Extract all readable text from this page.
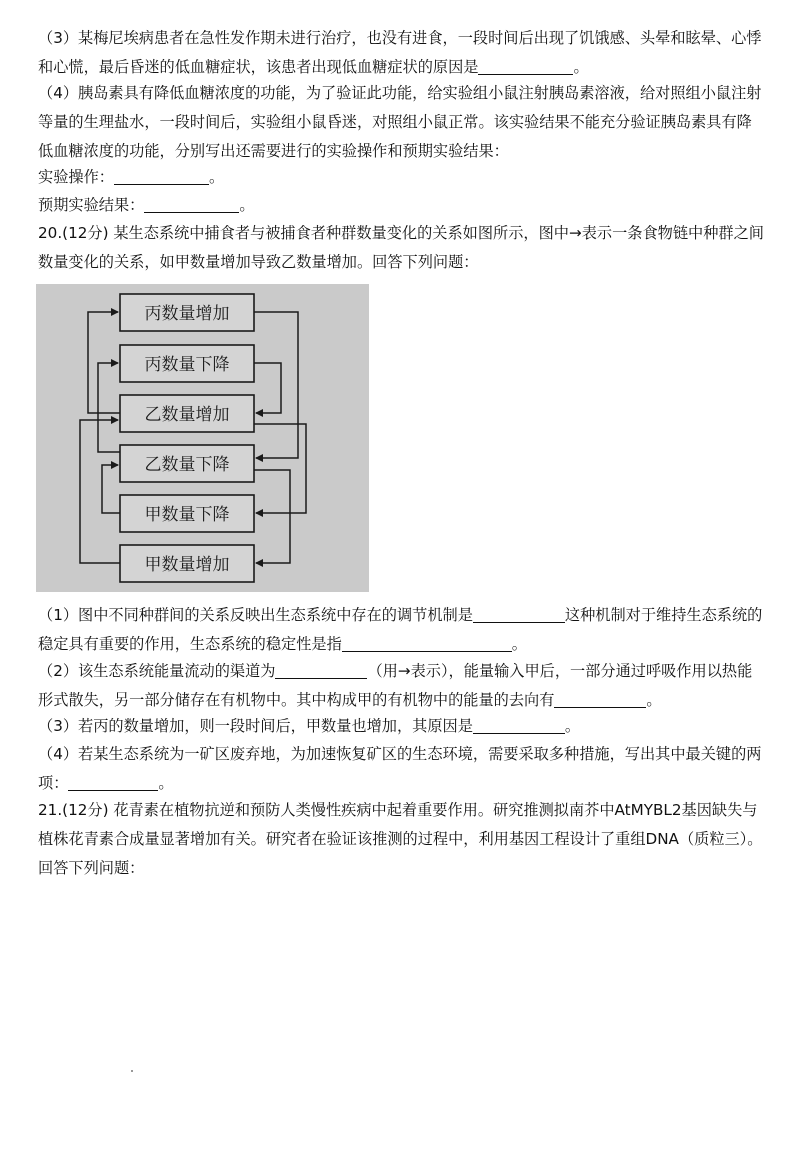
（3）某梅尼埃病患者在急性发作期未进行治疗，也没有进食，一段时间后出现了饥饿感、头晕和眩晕、心悸和心慌，最后昏迷的低血糖症状，该患者出现低血糖症状的原因是	。

（4）胰岛素具有降低血糖浓度的功能，为了验证此功能，给实验组小鼠注射胰岛素溶液，给对照组小鼠注射等量的生理盐水，一段时间后，实验组小鼠昏迷，对照组小鼠正常。该实验结果不能充分验证胰岛素具有降低血糖浓度的功能，分别写出还需要进行的实验操作和预期实验结果：

实验操作：	。

预期实验结果：	。

20.(12分) 某生态系统中捕食者与被捕食者种群数量变化的关系如图所示，图中→表示一条食物链中种群之间数量变化的关系，如甲数量增加导致乙数量增加。回答下列问题：

丙数量增加
丙数量下降
乙数量增加
乙数量下降
甲数量下降
甲数量增加

（1）图中不同种群间的关系反映出生态系统中存在的调节机制是	这种机制对于维持生态系统的稳定具有重要的作用，生态系统的稳定性是指	。

（2）该生态系统能量流动的渠道为	（用→表示），能量输入甲后，一部分通过呼吸作用以热能形式散失，另一部分储存在有机物中。其中构成甲的有机物中的能量的去向有	。

（3）若丙的数量增加，则一段时间后，甲数量也增加，其原因是	。

（4）若某生态系统为一矿区废弃地，为加速恢复矿区的生态环境，需要采取多种措施，写出其中最关键的两项：	。

21.(12分) 花青素在植物抗逆和预防人类慢性疾病中起着重要作用。研究推测拟南芥中AtMYBL2基因缺失与植株花青素合成量显著增加有关。研究者在验证该推测的过程中，利用基因工程设计了重组DNA（质粒三）。回答下列问题：
